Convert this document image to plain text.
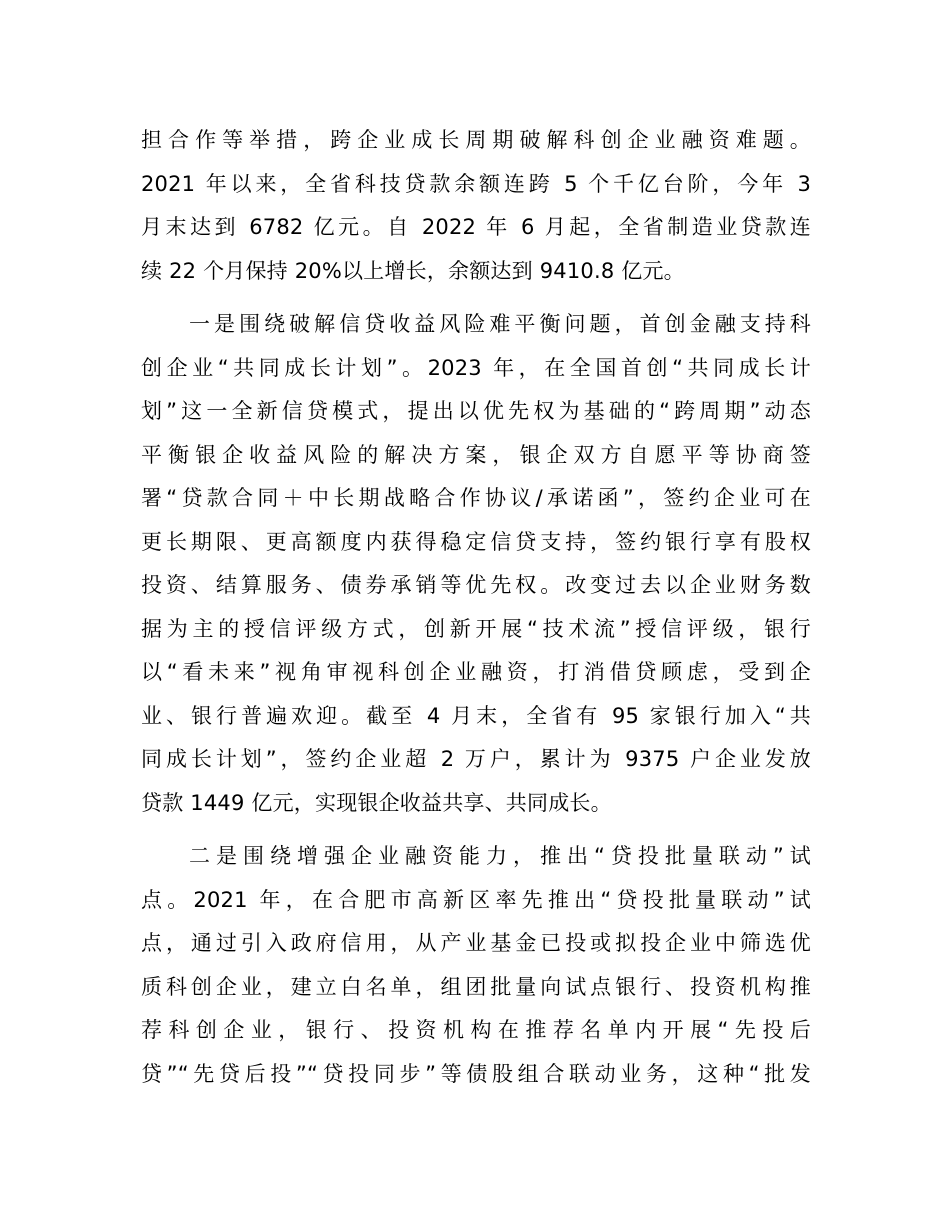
担合作等举措，跨企业成长周期破解科创企业融资难题。
2021 年以来，全省科技贷款余额连跨 5 个千亿台阶，今年 3
月末达到 6782 亿元。自 2022 年 6 月起，全省制造业贷款连
续 22 个月保持 20%以上增长，余额达到 9410.8 亿元。
一是围绕破解信贷收益风险难平衡问题，首创金融支持科
创企业“共同成长计划”。2023 年，在全国首创“共同成长计
划”这一全新信贷模式，提出以优先权为基础的“跨周期”动态
平衡银企收益风险的解决方案，银企双方自愿平等协商签
署“贷款合同＋中长期战略合作协议/承诺函”，签约企业可在
更长期限、更高额度内获得稳定信贷支持，签约银行享有股权
投资、结算服务、债券承销等优先权。改变过去以企业财务数
据为主的授信评级方式，创新开展“技术流”授信评级，银行
以“看未来”视角审视科创企业融资，打消借贷顾虑，受到企
业、银行普遍欢迎。截至 4 月末，全省有 95 家银行加入“共
同成长计划”，签约企业超 2 万户，累计为 9375 户企业发放
贷款 1449 亿元，实现银企收益共享、共同成长。
二是围绕增强企业融资能力，推出“贷投批量联动”试
点。2021 年，在合肥市高新区率先推出“贷投批量联动”试
点，通过引入政府信用，从产业基金已投或拟投企业中筛选优
质科创企业，建立白名单，组团批量向试点银行、投资机构推
荐科创企业，银行、投资机构在推荐名单内开展“先投后
贷”“先贷后投”“贷投同步”等债股组合联动业务，这种“批发
